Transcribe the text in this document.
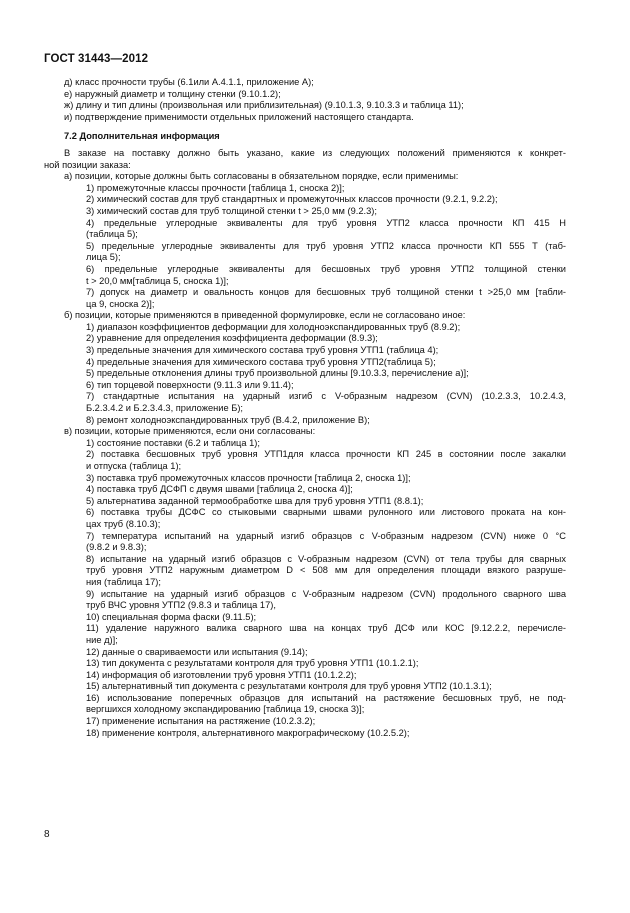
ГОСТ 31443—2012
д) класс прочности трубы (6.1или А.4.1.1, приложение А);
е) наружный диаметр и толщину стенки (9.10.1.2);
ж) длину и тип длины (произвольная или приблизительная) (9.10.1.3, 9.10.3.3 и таблица 11);
и) подтверждение применимости отдельных приложений настоящего стандарта.
7.2 Дополнительная информация
В заказе на поставку должно быть указано, какие из следующих положений применяются к конкрет-
ной позиции заказа:
а) позиции, которые должны быть согласованы в обязательном порядке, если применимы:
1) промежуточные классы прочности [таблица 1, сноска 2)];
2) химический состав для труб стандартных и промежуточных классов прочности (9.2.1, 9.2.2);
3) химический состав для труб толщиной стенки t > 25,0 мм (9.2.3);
4) предельные углеродные эквиваленты для труб уровня УТП2 класса прочности КП 415 Н
(таблица 5);
5) предельные углеродные эквиваленты для труб уровня УТП2 класса прочности КП 555 Т (таб-
лица 5);
6) предельные углеродные эквиваленты для бесшовных труб уровня УТП2 толщиной стенки
t > 20,0 мм[таблица 5, сноска 1)];
7) допуск на диаметр и овальность концов для бесшовных труб толщиной стенки t >25,0 мм [табли-
ца 9, сноска 2)];
б) позиции, которые применяются в приведенной формулировке, если не согласовано иное:
1) диапазон коэффициентов деформации для холодноэкспандированных труб (8.9.2);
2) уравнение для определения коэффициента деформации (8.9.3);
3) предельные значения для химического состава труб уровня УТП1 (таблица 4);
4) предельные значения для химического состава труб уровня УТП2(таблица 5);
5) предельные отклонения длины труб произвольной длины [9.10.3.3, перечисление а)];
6) тип торцевой поверхности (9.11.3 или 9.11.4);
7) стандартные испытания на ударный изгиб с V-образным надрезом (CVN) (10.2.3.3, 10.2.4.3,
Б.2.3.4.2 и Б.2.3.4.3, приложение Б);
8) ремонт холодноэкспандированных труб (В.4.2, приложение В);
в) позиции, которые применяются, если они согласованы:
1) состояние поставки (6.2 и таблица 1);
2) поставка бесшовных труб уровня УТП1для класса прочности КП 245 в состоянии после закалки
и отпуска (таблица 1);
3) поставка труб промежуточных классов прочности [таблица 2, сноска 1)];
4) поставка труб ДСФП с двумя швами [таблица 2, сноска 4)];
5) альтернатива заданной термообработке шва для труб уровня УТП1 (8.8.1);
6) поставка трубы ДСФС со стыковыми сварными швами рулонного или листового проката на кон-
цах труб (8.10.3);
7) температура испытаний на ударный изгиб образцов с V-образным надрезом (CVN) ниже 0 °С
(9.8.2 и 9.8.3);
8) испытание на ударный изгиб образцов с V-образным надрезом (CVN) от тела трубы для сварных
труб уровня УТП2 наружным диаметром D < 508 мм для определения площади вязкого разруше-
ния (таблица 17);
9) испытание на ударный изгиб образцов с V-образным надрезом (CVN) продольного сварного шва
труб ВЧС уровня УТП2 (9.8.3 и таблица 17),
10) специальная форма фаски (9.11.5);
11) удаление наружного валика сварного шва на концах труб ДСФ или КОС [9.12.2.2, перечисле-
ние д)];
12) данные о свариваемости или испытания (9.14);
13) тип документа с результатами контроля для труб уровня УТП1 (10.1.2.1);
14) информация об изготовлении труб уровня УТП1 (10.1.2.2);
15) альтернативный тип документа с результатами контроля для труб уровня УТП2 (10.1.3.1);
16) использование поперечных образцов для испытаний на растяжение бесшовных труб, не под-
вергшихся холодному экспандированию [таблица 19, сноска 3)];
17) применение испытания на растяжение (10.2.3.2);
18) применение контроля, альтернативного макрографическому (10.2.5.2);
8
